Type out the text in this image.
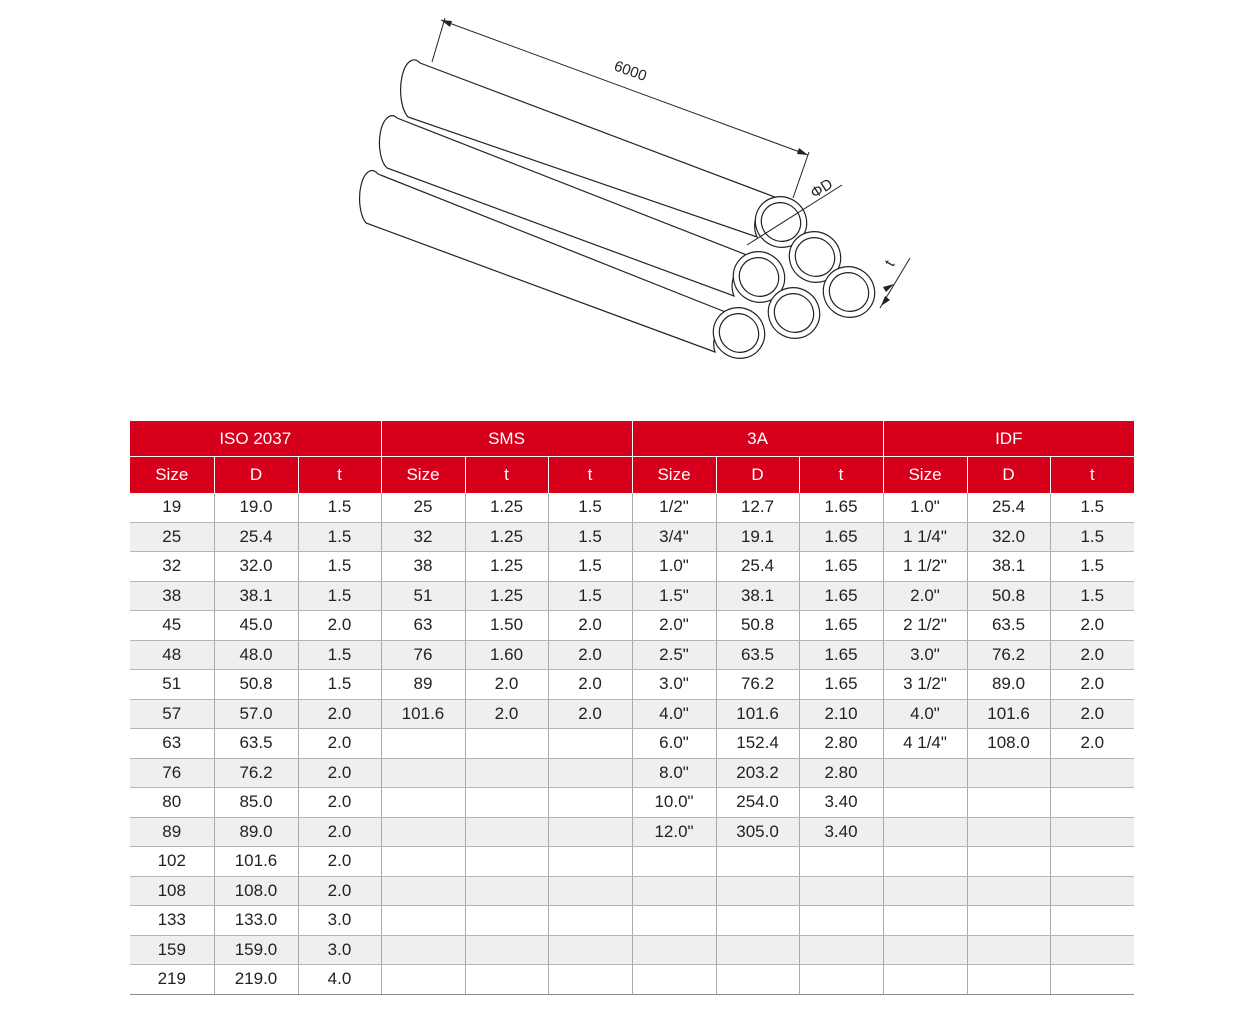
6000
ΦD
t
ISO 2037			SMS			3A			IDF		
Size	D	t	Size	t	t	Size	D	t	Size	D	t
19	19.0	1.5	25	1.25	1.5	1/2"	12.7	1.65	1.0"	25.4	1.5
25	25.4	1.5	32	1.25	1.5	3/4"	19.1	1.65	1 1/4"	32.0	1.5
32	32.0	1.5	38	1.25	1.5	1.0"	25.4	1.65	1 1/2"	38.1	1.5
38	38.1	1.5	51	1.25	1.5	1.5"	38.1	1.65	2.0"	50.8	1.5
45	45.0	2.0	63	1.50	2.0	2.0"	50.8	1.65	2 1/2"	63.5	2.0
48	48.0	1.5	76	1.60	2.0	2.5"	63.5	1.65	3.0"	76.2	2.0
51	50.8	1.5	89	2.0	2.0	3.0"	76.2	1.65	3 1/2"	89.0	2.0
57	57.0	2.0	101.6	2.0	2.0	4.0"	101.6	2.10	4.0"	101.6	2.0
63	63.5	2.0				6.0"	152.4	2.80	4 1/4"	108.0	2.0
76	76.2	2.0				8.0"	203.2	2.80			
80	85.0	2.0				10.0"	254.0	3.40			
89	89.0	2.0				12.0"	305.0	3.40			
102	101.6	2.0									
108	108.0	2.0									
133	133.0	3.0									
159	159.0	3.0									
219	219.0	4.0									
